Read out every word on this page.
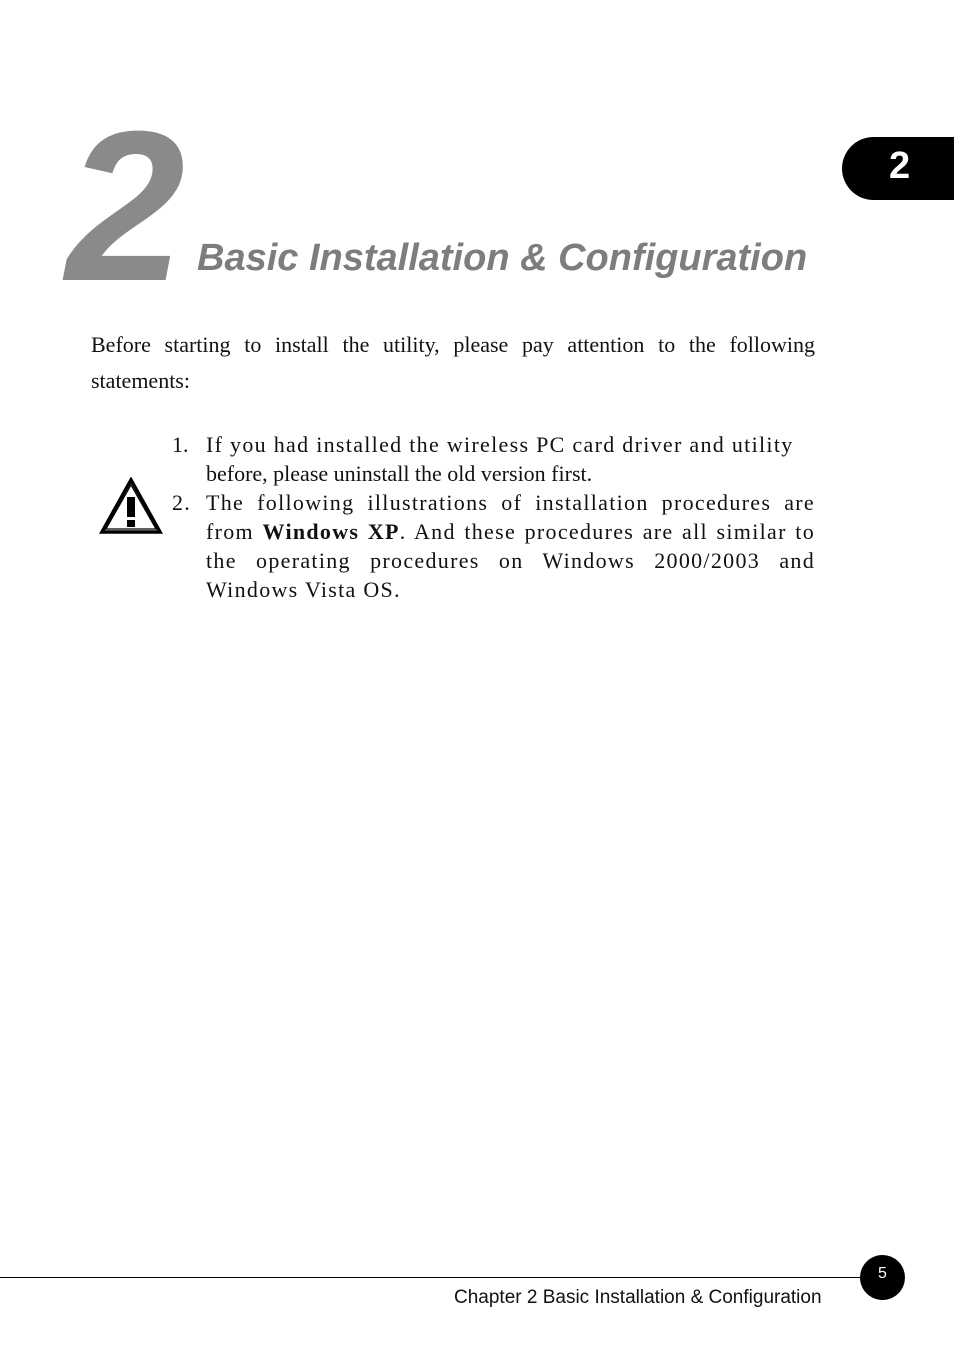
2 Basic Installation & Configuration
2

Before starting to install the utility, please pay attention to the following statements:

1. If you had installed the wireless PC card driver and utility
before, please uninstall the old version first.
2. The following illustrations of installation procedures are from Windows XP. And these procedures are all similar to the operating procedures on Windows 2000/2003 and Windows Vista OS.
5
Chapter 2 Basic Installation & Configuration
